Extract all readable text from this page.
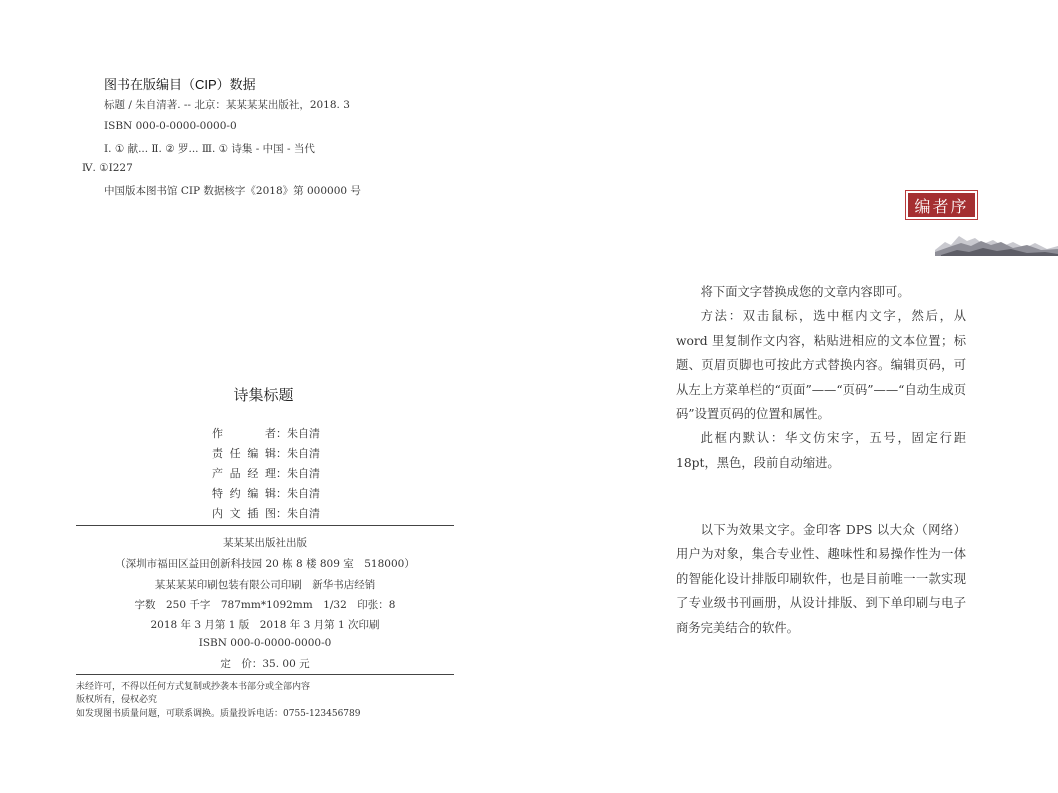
图书在版编目（CIP）数据
标题 / 朱自清著. -- 北京：某某某某出版社，2018. 3
ISBN 000-0-0000-0000-0
Ⅰ. ① 献... Ⅱ. ② 罗... Ⅲ. ① 诗集 - 中国 - 当代
Ⅳ. ①I227
中国版本图书馆 CIP 数据核字《2018》第 000000 号
诗集标题
作者 ：朱自清
责任编辑 ：朱自清
产品经理 ：朱自清
特约编辑 ：朱自清
内文插图 ：朱自清
某某某出版社出版
（深圳市福田区益田创新科技园 20 栋 8 楼 809 室　518000）
某某某某印刷包装有限公司印刷　新华书店经销
字数　250 千字　787mm*1092mm　1/32　印张：8
2018 年 3 月第 1 版　2018 年 3 月第 1 次印刷
ISBN 000-0-0000-0000-0
定　价：35. 00 元
未经许可，不得以任何方式复制或抄袭本书部分或全部内容
版权所有，侵权必究
如发现图书质量问题，可联系调换。质量投诉电话：0755-123456789
编者序

将下面文字替换成您的文章内容即可。

方法：双击鼠标，选中框内文字，然后，从 word 里复制作文内容，粘贴进相应的文本位置；标题、页眉页脚也可按此方式替换内容。编辑页码，可从左上方菜单栏的“页面”——“页码”——“自动生成页码”设置页码的位置和属性。

此框内默认：华文仿宋字，五号，固定行距 18pt，黑色，段前自动缩进。

以下为效果文字。金印客 DPS 以大众（网络）用户为对象，集合专业性、趣味性和易操作性为一体的智能化设计排版印刷软件，也是目前唯一一款实现了专业级书刊画册，从设计排版、到下单印刷与电子商务完美结合的软件。
